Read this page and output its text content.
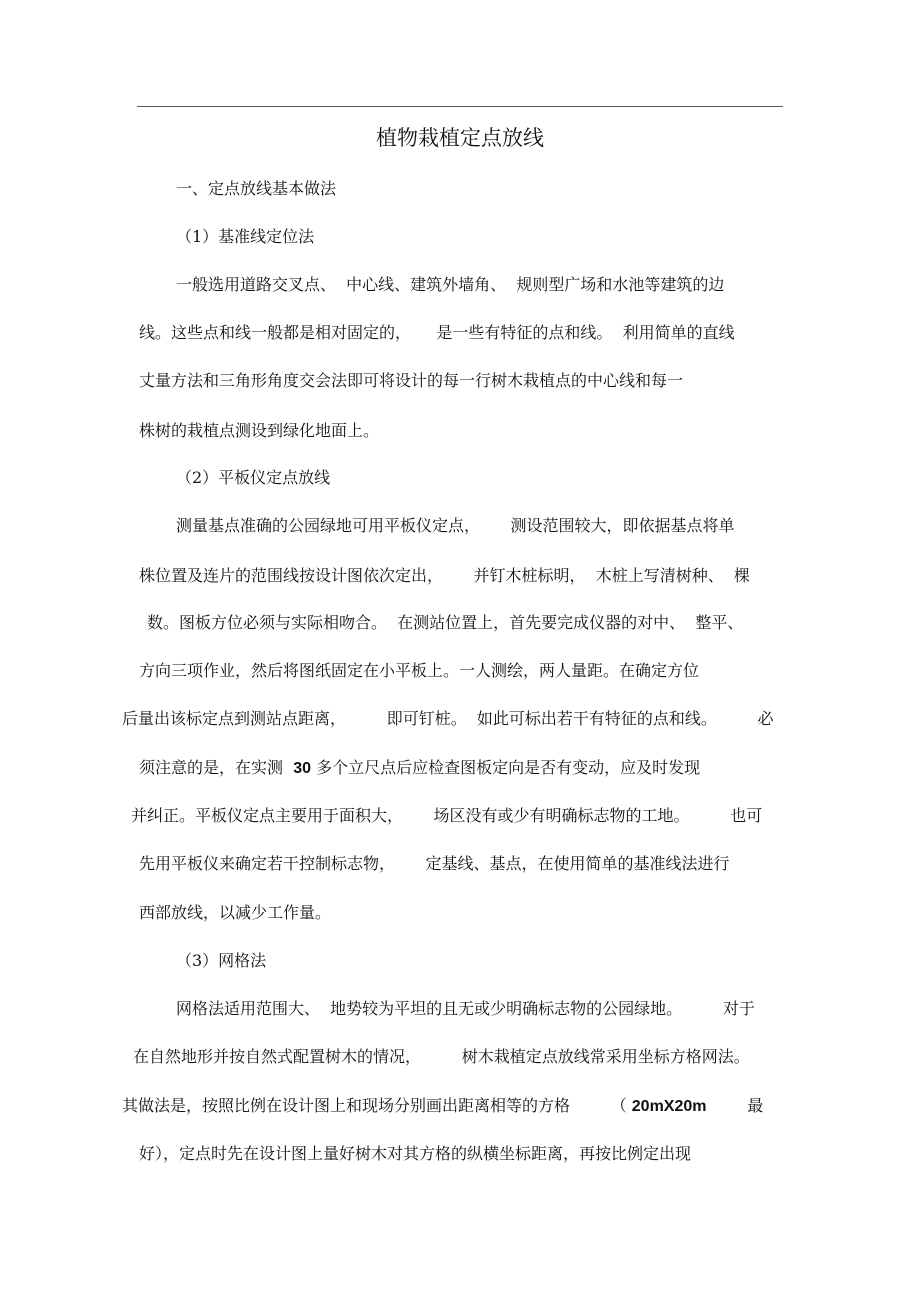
植物栽植定点放线
一、定点放线基本做法
（1）基准线定位法
一般选用道路交叉点、  中心线、建筑外墙角、  规则型广场和水池等建筑的边
线。这些点和线一般都是相对固定的，     是一些有特征的点和线。  利用简单的直线
丈量方法和三角形角度交会法即可将设计的每一行树木栽植点的中心线和每一
株树的栽植点测设到绿化地面上。
（2）平板仪定点放线
测量基点准确的公园绿地可用平板仪定点，      测设范围较大，即依据基点将单
株位置及连片的范围线按设计图依次定出，      并钉木桩标明，  木桩上写清树种、  棵
数。图板方位必须与实际相吻合。  在测站位置上，首先要完成仪器的对中、  整平、
方向三项作业，然后将图纸固定在小平板上。一人测绘，两人量距。在确定方位
后量出该标定点到测站点距离，        即可钉桩。  如此可标出若干有特征的点和线。        必
须注意的是，在实测  30 多个立尺点后应检查图板定向是否有变动，应及时发现
并纠正。平板仪定点主要用于面积大，      场区没有或少有明确标志物的工地。        也可
先用平板仪来确定若干控制标志物，      定基线、基点，在使用简单的基准线法进行
西部放线，以减少工作量。
（3）网格法
网格法适用范围大、  地势较为平坦的且无或少明确标志物的公园绿地。        对于
在自然地形并按自然式配置树木的情况，        树木栽植定点放线常采用坐标方格网法。
其做法是，按照比例在设计图上和现场分别画出距离相等的方格        （ 20mX20m        最
好），定点时先在设计图上量好树木对其方格的纵横坐标距离，再按比例定出现
